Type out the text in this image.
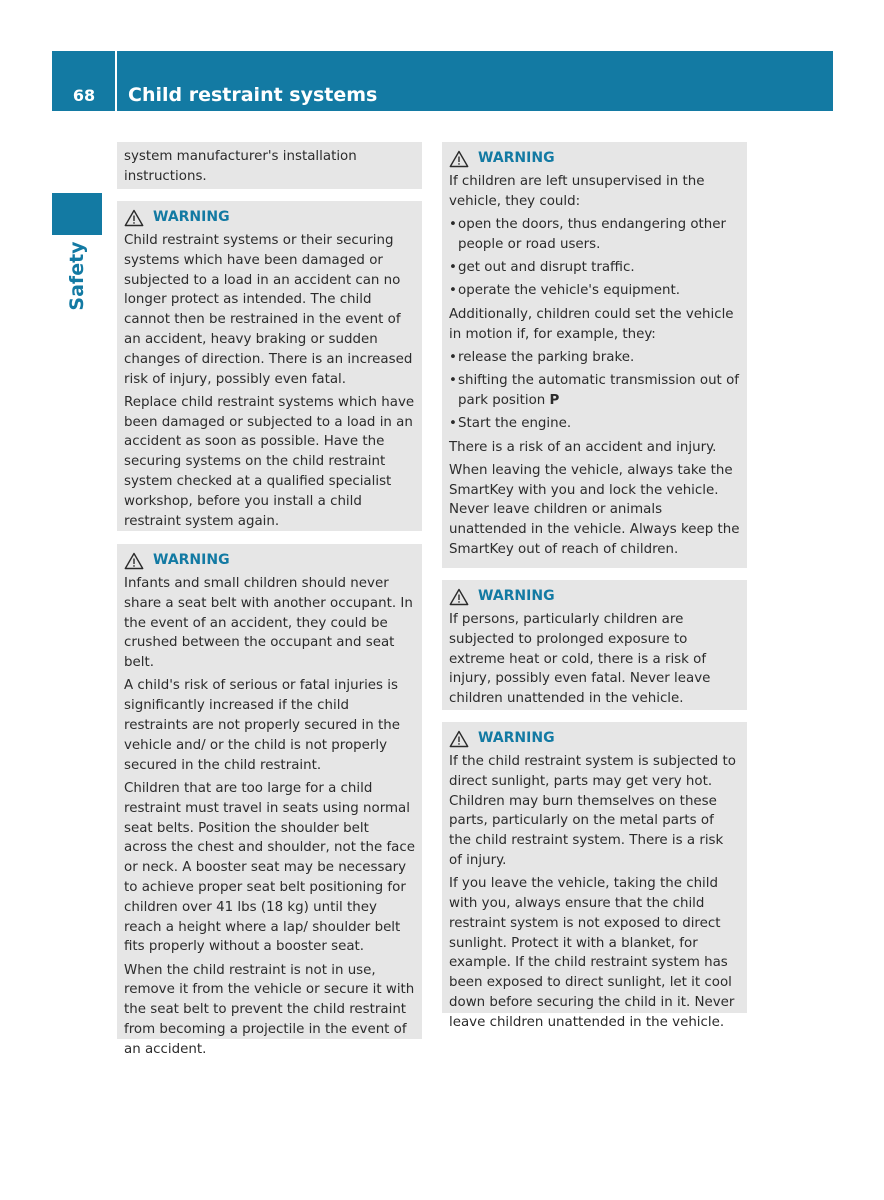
68	Child restraint systems
Safety

system manufacturer's installation instructions.

WARNING

Child restraint systems or their securing systems which have been damaged or subjected to a load in an accident can no longer protect as intended. The child cannot then be restrained in the event of an accident, heavy braking or sudden changes of direction. There is an increased risk of injury, possibly even fatal.

Replace child restraint systems which have been damaged or subjected to a load in an accident as soon as possible. Have the securing systems on the child restraint system checked at a qualified specialist workshop, before you install a child restraint system again.

WARNING

Infants and small children should never share a seat belt with another occupant. In the event of an accident, they could be crushed between the occupant and seat belt.

A child's risk of serious or fatal injuries is significantly increased if the child restraints are not properly secured in the vehicle and/ or the child is not properly secured in the child restraint.

Children that are too large for a child restraint must travel in seats using normal seat belts. Position the shoulder belt across the chest and shoulder, not the face or neck. A booster seat may be necessary to achieve proper seat belt positioning for children over 41 lbs (18 kg) until they reach a height where a lap/ shoulder belt fits properly without a booster seat.

When the child restraint is not in use, remove it from the vehicle or secure it with the seat belt to prevent the child restraint from becoming a projectile in the event of an accident.

WARNING

If children are left unsupervised in the vehicle, they could:

• open the doors, thus endangering other people or road users.
• get out and disrupt traffic.
• operate the vehicle's equipment.

Additionally, children could set the vehicle in motion if, for example, they:

• release the parking brake.
• shifting the automatic transmission out of park position P
• Start the engine.

There is a risk of an accident and injury.

When leaving the vehicle, always take the SmartKey with you and lock the vehicle. Never leave children or animals unattended in the vehicle. Always keep the SmartKey out of reach of children.

WARNING

If persons, particularly children are subjected to prolonged exposure to extreme heat or cold, there is a risk of injury, possibly even fatal. Never leave children unattended in the vehicle.

WARNING

If the child restraint system is subjected to direct sunlight, parts may get very hot. Children may burn themselves on these parts, particularly on the metal parts of the child restraint system. There is a risk of injury.

If you leave the vehicle, taking the child with you, always ensure that the child restraint system is not exposed to direct sunlight. Protect it with a blanket, for example. If the child restraint system has been exposed to direct sunlight, let it cool down before securing the child in it. Never leave children unattended in the vehicle.
